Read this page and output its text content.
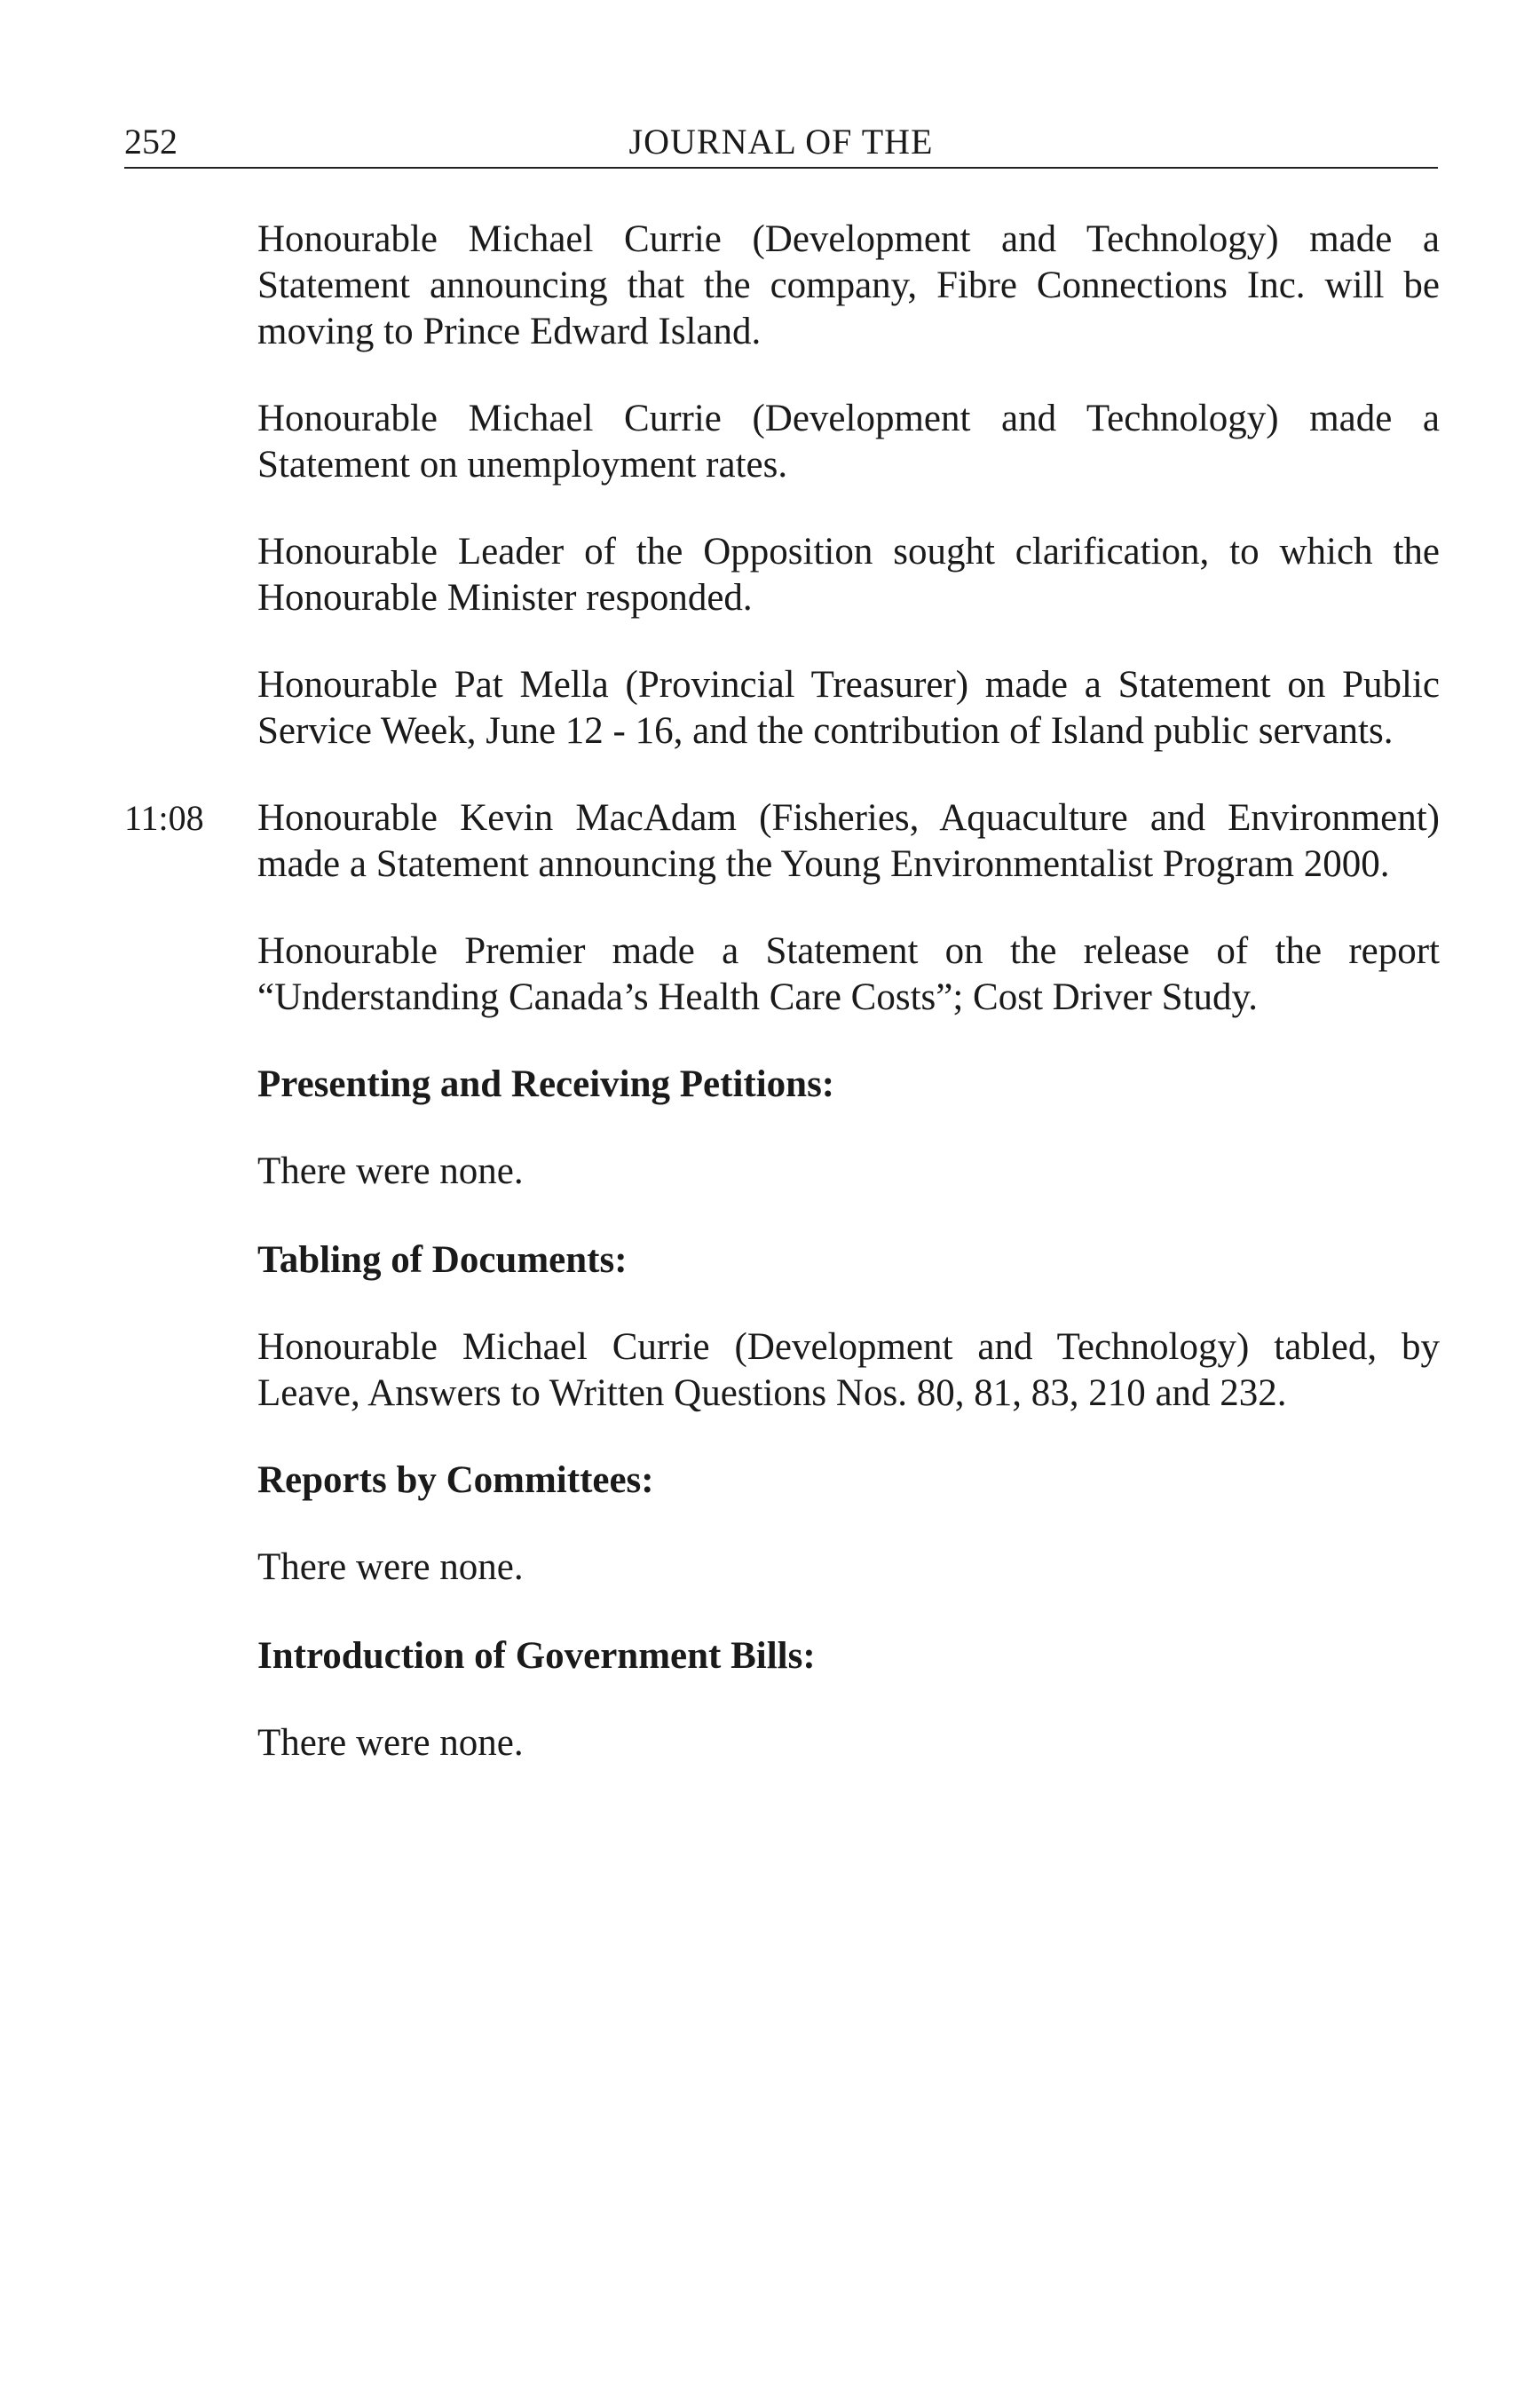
252	JOURNAL OF THE

Honourable Michael Currie (Development and Technology) made a Statement announcing that the company, Fibre Connections Inc. will be moving to Prince Edward Island.

Honourable Michael Currie (Development and Technology) made a Statement on unemployment rates.

Honourable Leader of the Opposition sought clarification, to which the Honourable Minister responded.

Honourable Pat Mella (Provincial Treasurer) made a Statement on Public Service Week, June 12 - 16, and the contribution of Island public servants.

11:08	Honourable Kevin MacAdam (Fisheries, Aquaculture and Environment) made a Statement announcing the Young Environmentalist Program 2000.

Honourable Premier made a Statement on the release of the report “Understanding Canada’s Health Care Costs”; Cost Driver Study.

Presenting and Receiving Petitions:

There were none.

Tabling of Documents:

Honourable Michael Currie (Development and Technology) tabled, by Leave, Answers to Written Questions Nos. 80, 81, 83, 210 and 232.

Reports by Committees:

There were none.

Introduction of Government Bills:

There were none.
